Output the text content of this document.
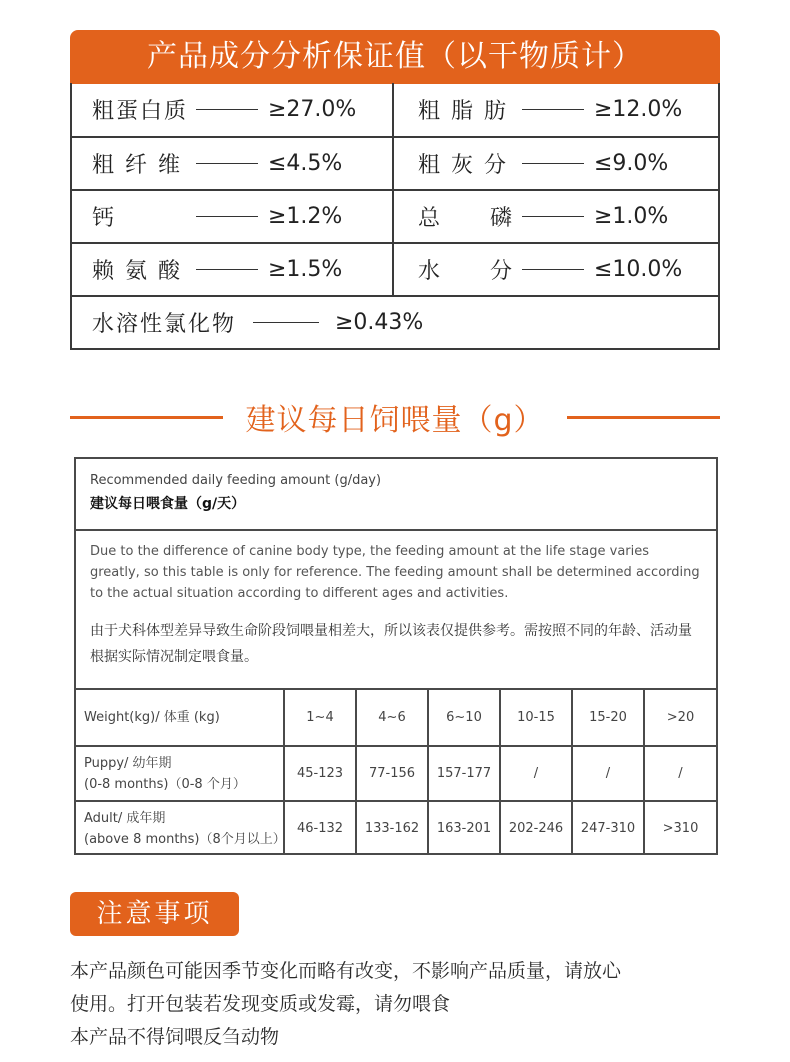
产品成分分析保证值（以干物质计）
粗蛋白质	≥27.0%	粗 脂 肪	≥12.0%
粗 纤 维	≤4.5%	粗 灰 分	≤9.0%
钙	≥1.2%	总　　磷	≥1.0%
赖 氨 酸	≥1.5%	水　　分	≤10.0%
水溶性氯化物	≥0.43%
建议每日饲喂量（g）
Recommended daily feeding amount (g/day)
建议每日喂食量（g/天）
Due to the difference of canine body type, the feeding amount at the life stage varies greatly, so this table is only for reference. The feeding amount shall be determined according to the actual situation according to different ages and activities.
由于犬科体型差异导致生命阶段饲喂量相差大，所以该表仅提供参考。需按照不同的年龄、活动量根据实际情况制定喂食量。
Weight(kg)/ 体重 (kg)	1~4	4~6	6~10	10-15	15-20	>20

Puppy/ 幼年期
(0-8 months)（0-8 个月）	45-123	77-156	157-177	/	/	/

Adult/ 成年期
(above 8 months)（8个月以上）	46-132	133-162	163-201	202-246	247-310	>310
注意事项
本产品颜色可能因季节变化而略有改变，不影响产品质量，请放心
使用。打开包装若发现变质或发霉，请勿喂食
本产品不得饲喂反刍动物
